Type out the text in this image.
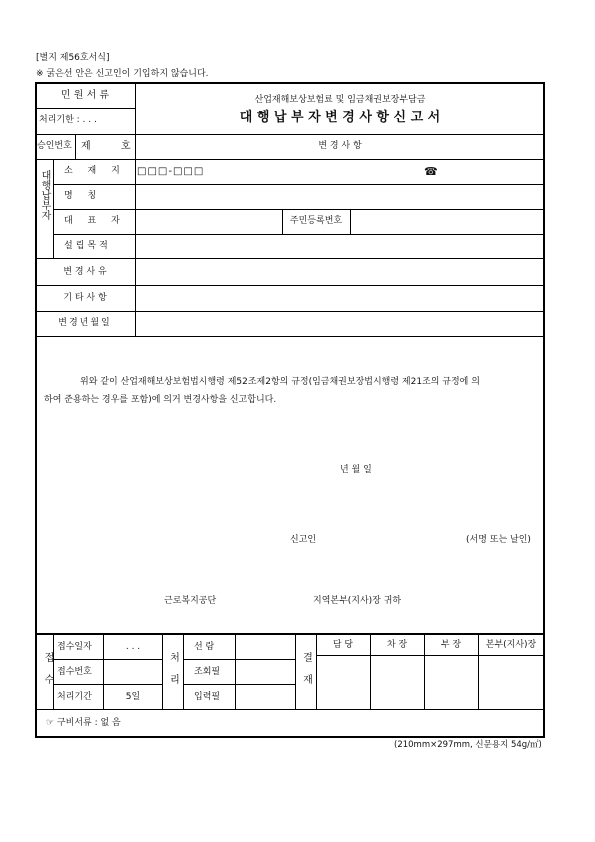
[별지 제56호서식]
※ 굵은선 안은 신고인이 기입하지 않습니다.
민 원 서 류
처리기한 : . . .
산업재해보상보험료 및 임금채권보장부담금
대 행 납 부 자 변 경 사 항 신 고 서
승인번호 제	호	변 경 사 항
대행납부자 소 재 지 □□□-□□□	☎
명 칭
대 표 자	주민등록번호
설립목적
변 경 사 유
기 타 사 항
변경년월일
위와 같이 산업재해보상보험법시행령 제52조제2항의 규정(임금채권보장법시행령 제21조의 규정에 의
하여 준용하는 경우를 포함)에 의거 변경사항을 신고합니다.
년 월 일
신고인	(서명 또는 날인)
근로복지공단	지역본부(지사)장 귀하
접수
접수일자	. . .
접수번호
처리기간	5일
처리
선 람
조회필
입력필
결재
담 당	차 장	부 장	본부(지사)장
☞ 구비서류 : 없 음
(210mm×297mm, 신문용지 54g/㎡)
